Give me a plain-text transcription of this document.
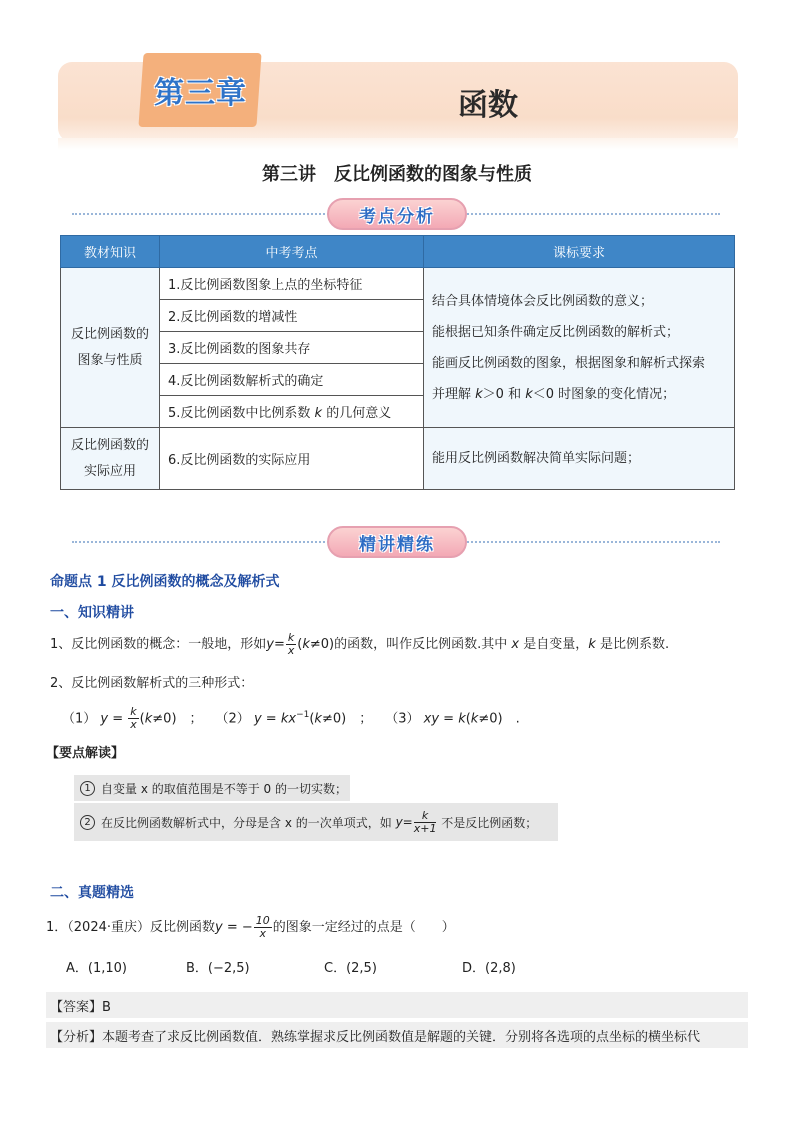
第三章	函数
第三讲　反比例函数的图象与性质
考点分析
教材知识	中考考点	课标要求
反比例函数的图象与性质	1.反比例函数图象上点的坐标特征	结合具体情境体会反比例函数的意义；
能根据已知条件确定反比例函数的解析式；
能画反比例函数的图象，根据图象和解析式探索
并理解 k＞0 和 k＜0 时图象的变化情况；

	2.反比例函数的增减性	
	3.反比例函数的图象共存	
	4.反比例函数解析式的确定	
	5.反比例函数中比例系数 k 的几何意义	
反比例函数的实际应用	6.反比例函数的实际应用	能用反比例函数解决简单实际问题；
精讲精练
命题点 1 反比例函数的概念及解析式
一、知识精讲
1、反比例函数的概念：一般地，形如$y= \frac{k}{x} (k\ne 0)$的函数，叫作反比例函数.其中 x 是自变量，k 是比例系数.
2、反比例函数解析式的三种形式：
（1） $y = \frac{k}{x} (k\ne 0)$　；　　（2） $y = kx^{-1}(k\ne 0)$　；　　（3） xy = k(k≠0)　.
【要点解读】
1 自变量 x 的取值范围是不等于 0 的一切实数；
2 在反比例函数解析式中，分母是含 x 的一次单项式，如
$y = \frac{k}{x+1}$
不是反比例函数；
二、真题精选
1．（2024·重庆）反比例函数y = − $\frac{10}{x}$ 的图象一定经过的点是（　　）
A．(1,10)	B．(−2,5)	C．(2,5)	D．(2,8)
【答案】B
【分析】本题考查了求反比例函数值．熟练掌握求反比例函数值是解题的关键．分别将各选项的点坐标的横坐标代
